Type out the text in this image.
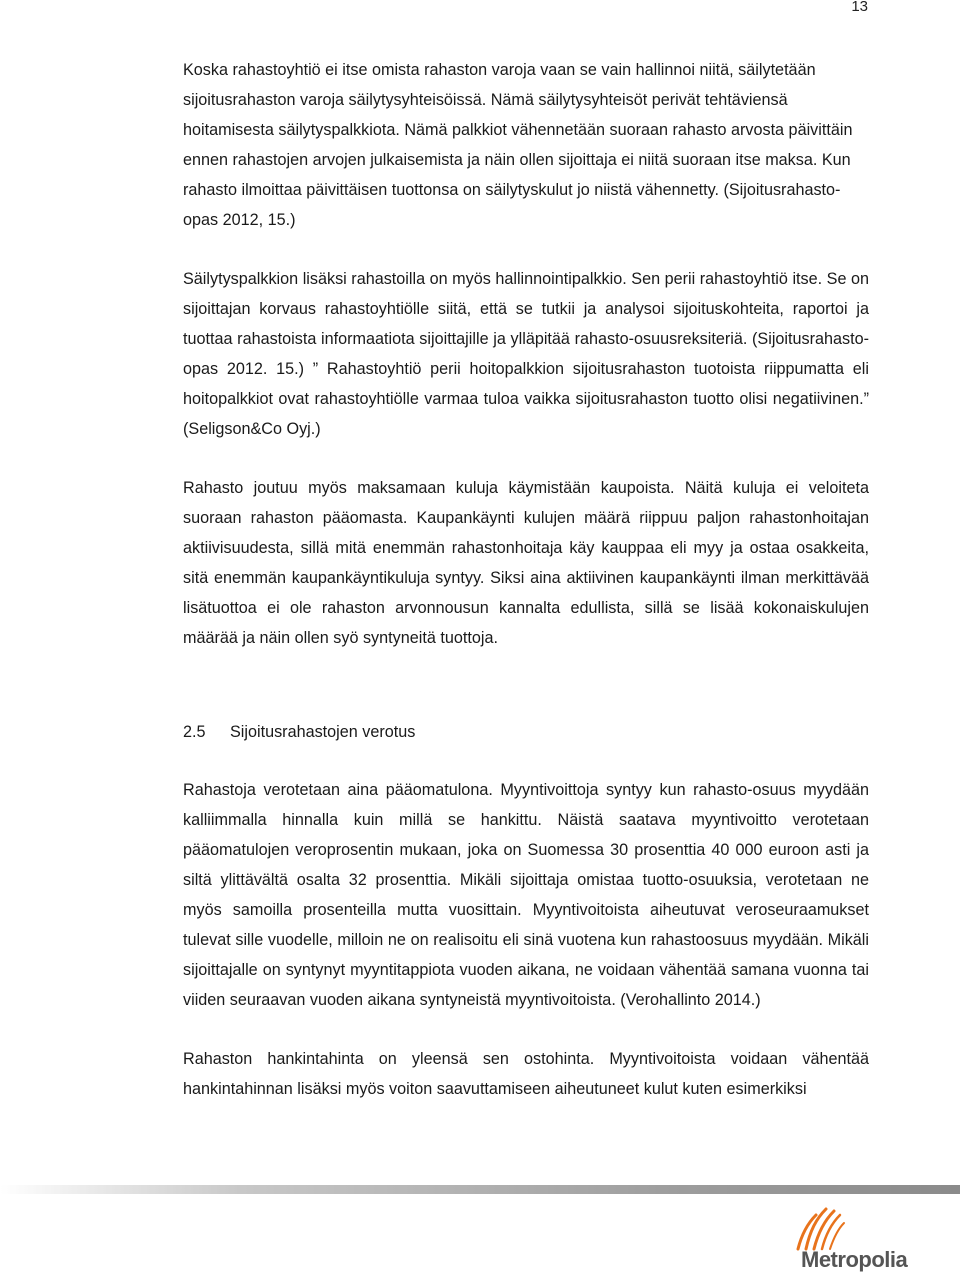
13

Koska rahastoyhtiö ei itse omista rahaston varoja vaan se vain hallinnoi niitä, säilytetään sijoitusrahaston varoja säilytysyhteisöissä. Nämä säilytysyhteisöt perivät tehtäviensä hoitamisesta säilytyspalkkiota. Nämä palkkiot vähennetään suoraan rahasto arvosta päivittäin ennen rahastojen arvojen julkaisemista ja näin ollen sijoittaja ei niitä suoraan itse maksa. Kun rahasto ilmoittaa päivittäisen tuottonsa on säilytyskulut jo niistä vähennetty. (Sijoitusrahasto-opas 2012, 15.)

Säilytyspalkkion lisäksi rahastoilla on myös hallinnointipalkkio. Sen perii rahastoyhtiö itse. Se on sijoittajan korvaus rahastoyhtiölle siitä, että se tutkii ja analysoi sijoituskohteita, raportoi ja tuottaa rahastoista informaatiota sijoittajille ja ylläpitää rahasto-osuusreksiteriä. (Sijoitusrahasto-opas 2012. 15.) ” Rahastoyhtiö perii hoitopalkkion sijoitusrahaston tuotoista riippumatta eli hoitopalkkiot ovat rahastoyhtiölle varmaa tuloa vaikka sijoitusrahaston tuotto olisi negatiivinen.” (Seligson&Co Oyj.)

Rahasto joutuu myös maksamaan kuluja käymistään kaupoista. Näitä kuluja ei veloiteta suoraan rahaston pääomasta. Kaupankäynti kulujen määrä riippuu paljon rahastonhoitajan aktiivisuudesta, sillä mitä enemmän rahastonhoitaja käy kauppaa eli myy ja ostaa osakkeita, sitä enemmän kaupankäyntikuluja syntyy. Siksi aina aktiivinen kaupankäynti ilman merkittävää lisätuottoa ei ole rahaston arvonnousun kannalta edullista, sillä se lisää kokonaiskulujen määrää ja näin ollen syö syntyneitä tuottoja.

2.5	Sijoitusrahastojen verotus

Rahastoja verotetaan aina pääomatulona. Myyntivoittoja syntyy kun rahasto-osuus myydään kalliimmalla hinnalla kuin millä se hankittu. Näistä saatava myyntivoitto verotetaan pääomatulojen veroprosentin mukaan, joka on Suomessa 30 prosenttia 40 000 euroon asti ja siltä ylittävältä osalta 32 prosenttia. Mikäli sijoittaja omistaa tuotto-osuuksia, verotetaan ne myös samoilla prosenteilla mutta vuosittain. Myyntivoitoista aiheutuvat veroseuraamukset tulevat sille vuodelle, milloin ne on realisoitu eli sinä vuotena kun rahastoosuus myydään. Mikäli sijoittajalle on syntynyt myyntitappiota vuoden aikana, ne voidaan vähentää samana vuonna tai viiden seuraavan vuoden aikana syntyneistä myyntivoitoista. (Verohallinto 2014.)

Rahaston hankintahinta on yleensä sen ostohinta. Myyntivoitoista voidaan vähentää hankintahinnan lisäksi myös voiton saavuttamiseen aiheutuneet kulut kuten esimerkiksi

Metropolia
